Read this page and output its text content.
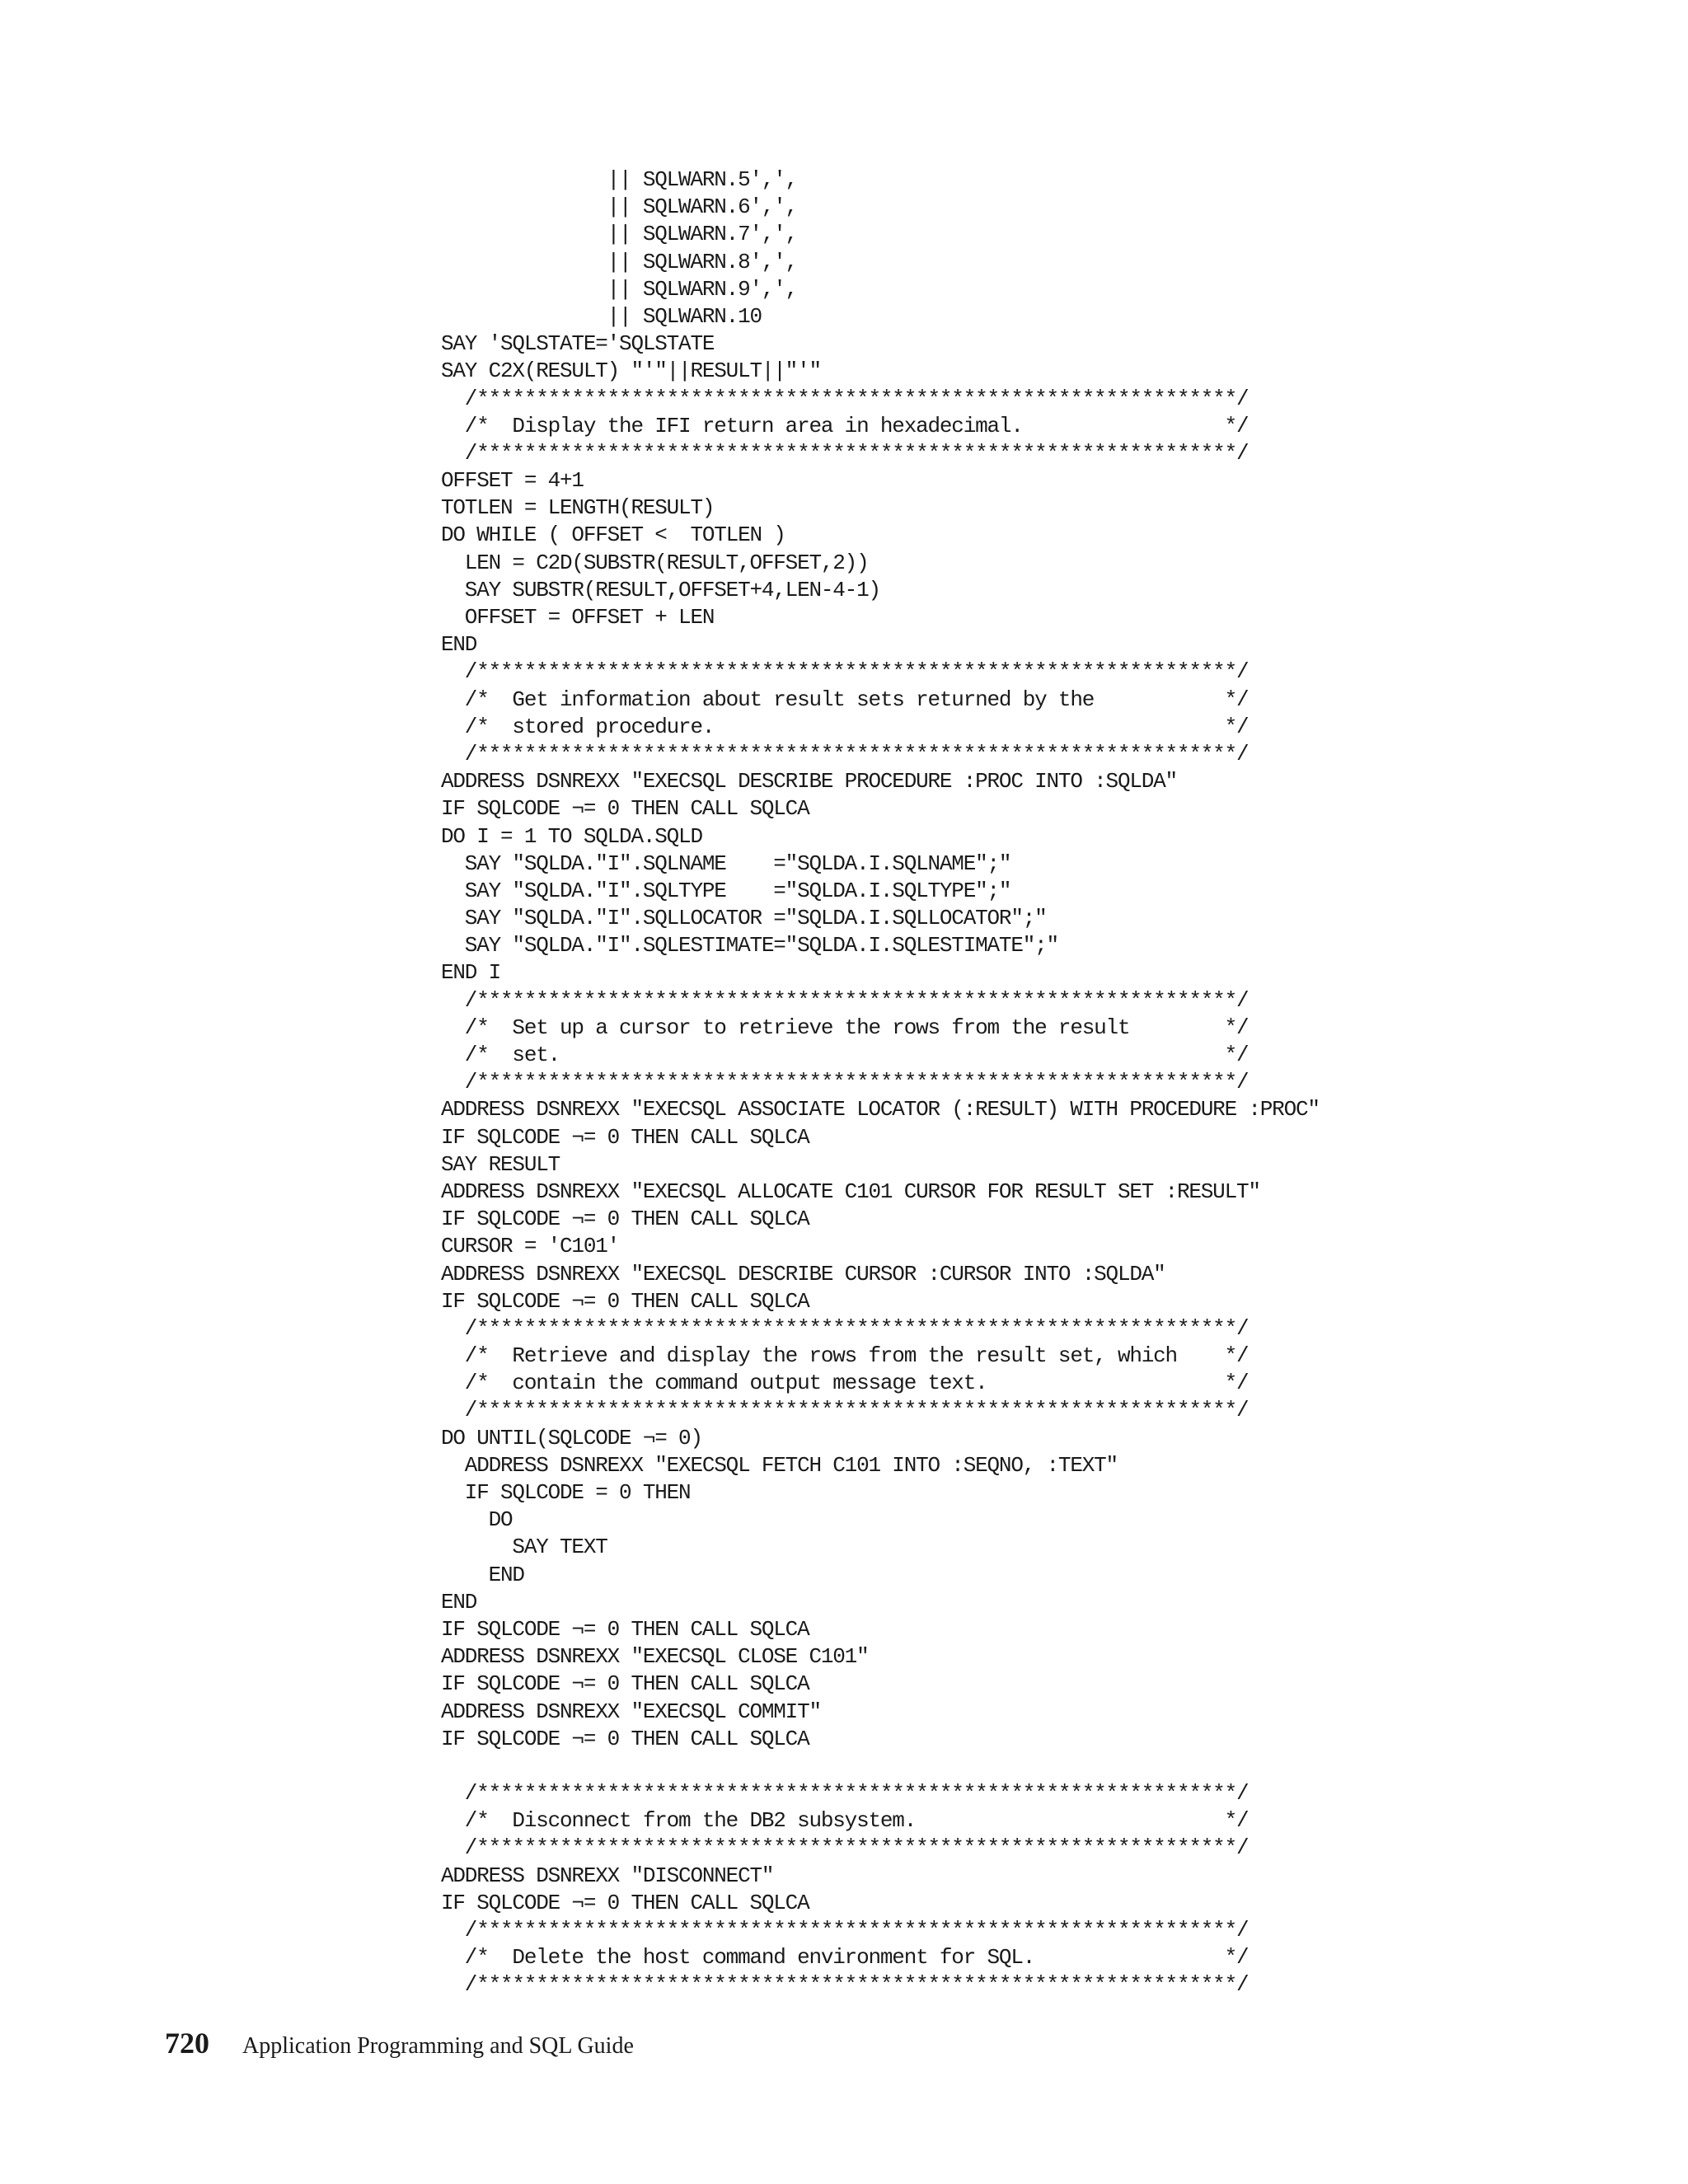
|| SQLWARN.5',',
|| SQLWARN.6',',
|| SQLWARN.7',',
|| SQLWARN.8',',
|| SQLWARN.9',',
|| SQLWARN.10
SAY 'SQLSTATE='SQLSTATE
SAY C2X(RESULT) "'"||RESULT||"'"
/****************************************************************/
/*  Display the IFI return area in hexadecimal.                 */
/****************************************************************/
OFFSET = 4+1
TOTLEN = LENGTH(RESULT)
DO WHILE ( OFFSET <  TOTLEN )
LEN = C2D(SUBSTR(RESULT,OFFSET,2))
SAY SUBSTR(RESULT,OFFSET+4,LEN-4-1)
OFFSET = OFFSET + LEN
END
/****************************************************************/
/*  Get information about result sets returned by the           */
/*  stored procedure.                                           */
/****************************************************************/
ADDRESS DSNREXX "EXECSQL DESCRIBE PROCEDURE :PROC INTO :SQLDA"
IF SQLCODE ¬= 0 THEN CALL SQLCA
DO I = 1 TO SQLDA.SQLD
SAY "SQLDA."I".SQLNAME    ="SQLDA.I.SQLNAME";"
SAY "SQLDA."I".SQLTYPE    ="SQLDA.I.SQLTYPE";"
SAY "SQLDA."I".SQLLOCATOR ="SQLDA.I.SQLLOCATOR";"
SAY "SQLDA."I".SQLESTIMATE="SQLDA.I.SQLESTIMATE";"
END I
/****************************************************************/
/*  Set up a cursor to retrieve the rows from the result        */
/*  set.                                                        */
/****************************************************************/
ADDRESS DSNREXX "EXECSQL ASSOCIATE LOCATOR (:RESULT) WITH PROCEDURE :PROC"
IF SQLCODE ¬= 0 THEN CALL SQLCA
SAY RESULT
ADDRESS DSNREXX "EXECSQL ALLOCATE C101 CURSOR FOR RESULT SET :RESULT"
IF SQLCODE ¬= 0 THEN CALL SQLCA
CURSOR = 'C101'
ADDRESS DSNREXX "EXECSQL DESCRIBE CURSOR :CURSOR INTO :SQLDA"
IF SQLCODE ¬= 0 THEN CALL SQLCA
/****************************************************************/
/*  Retrieve and display the rows from the result set, which    */
/*  contain the command output message text.                    */
/****************************************************************/
DO UNTIL(SQLCODE ¬= 0)
ADDRESS DSNREXX "EXECSQL FETCH C101 INTO :SEQNO, :TEXT"
IF SQLCODE = 0 THEN
DO
SAY TEXT
END
END
IF SQLCODE ¬= 0 THEN CALL SQLCA
ADDRESS DSNREXX "EXECSQL CLOSE C101"
IF SQLCODE ¬= 0 THEN CALL SQLCA
ADDRESS DSNREXX "EXECSQL COMMIT"
IF SQLCODE ¬= 0 THEN CALL SQLCA
/****************************************************************/
/*  Disconnect from the DB2 subsystem.                          */
/****************************************************************/
ADDRESS DSNREXX "DISCONNECT"
IF SQLCODE ¬= 0 THEN CALL SQLCA
/****************************************************************/
/*  Delete the host command environment for SQL.                */
/****************************************************************/
720 Application Programming and SQL Guide
